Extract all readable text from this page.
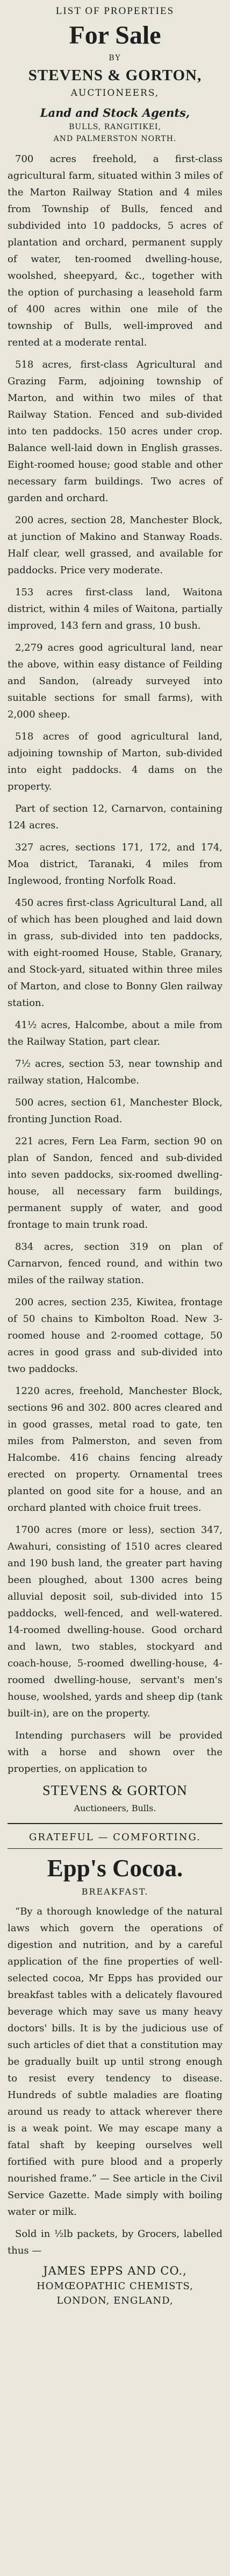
LIST OF PROPERTIES
For Sale
BY
STEVENS & GORTON,
AUCTIONEERS,
Land and Stock Agents,
BULLS, RANGITIKEI,
AND PALMERSTON NORTH.

700 acres freehold, a first-class agricultural farm, situated within 3 miles of the Marton Railway Station and 4 miles from Township of Bulls, fenced and subdivided into 10 paddocks, 5 acres of plantation and orchard, permanent supply of water, ten-roomed dwelling-house, woolshed, sheepyard, &c., together with the option of purchasing a leasehold farm of 400 acres within one mile of the township of Bulls, well-improved and rented at a moderate rental.

518 acres, first-class Agricultural and Grazing Farm, adjoining township of Marton, and within two miles of that Railway Station. Fenced and sub-divided into ten paddocks. 150 acres under crop. Balance well-laid down in English grasses. Eight-roomed house; good stable and other necessary farm buildings. Two acres of garden and orchard.

200 acres, section 28, Manchester Block, at junction of Makino and Stanway Roads. Half clear, well grassed, and available for paddocks. Price very moderate.

153 acres first-class land, Waitona district, within 4 miles of Waitona, partially improved, 143 fern and grass, 10 bush.

2,279 acres good agricultural land, near the above, within easy distance of Feilding and Sandon, (already surveyed into suitable sections for small farms), with 2,000 sheep.

518 acres of good agricultural land, adjoining township of Marton, sub-divided into eight paddocks. 4 dams on the property.

Part of section 12, Carnarvon, containing 124 acres.

327 acres, sections 171, 172, and 174, Moa district, Taranaki, 4 miles from Inglewood, fronting Norfolk Road.

450 acres first-class Agricultural Land, all of which has been ploughed and laid down in grass, sub-divided into ten paddocks, with eight-roomed House, Stable, Granary, and Stock-yard, situated within three miles of Marton, and close to Bonny Glen railway station.

41½ acres, Halcombe, about a mile from the Railway Station, part clear.

7½ acres, section 53, near township and railway station, Halcombe.

500 acres, section 61, Manchester Block, fronting Junction Road.

221 acres, Fern Lea Farm, section 90 on plan of Sandon, fenced and sub-divided into seven paddocks, six-roomed dwelling-house, all necessary farm buildings, permanent supply of water, and good frontage to main trunk road.

834 acres, section 319 on plan of Carnarvon, fenced round, and within two miles of the railway station.

200 acres, section 235, Kiwitea, frontage of 50 chains to Kimbolton Road. New 3-roomed house and 2-roomed cottage, 50 acres in good grass and sub-divided into two paddocks.

1220 acres, freehold, Manchester Block, sections 96 and 302. 800 acres cleared and in good grasses, metal road to gate, ten miles from Palmerston, and seven from Halcombe. 416 chains fencing already erected on property. Ornamental trees planted on good site for a house, and an orchard planted with choice fruit trees.

1700 acres (more or less), section 347, Awahuri, consisting of 1510 acres cleared and 190 bush land, the greater part having been ploughed, about 1300 acres being alluvial deposit soil, sub-divided into 15 paddocks, well-fenced, and well-watered. 14-roomed dwelling-house. Good orchard and lawn, two stables, stockyard and coach-house, 5-roomed dwelling-house, 4-roomed dwelling-house, servant's men's house, woolshed, yards and sheep dip (tank built-in), are on the property.

Intending purchasers will be provided with a horse and shown over the properties, on application to

STEVENS & GORTON
Auctioneers, Bulls.
GRATEFUL — COMFORTING.
Epp's Cocoa.
BREAKFAST.

“By a thorough knowledge of the natural laws which govern the operations of digestion and nutrition, and by a careful application of the fine properties of well-selected cocoa, Mr Epps has provided our breakfast tables with a delicately flavoured beverage which may save us many heavy doctors' bills. It is by the judicious use of such articles of diet that a constitution may be gradually built up until strong enough to resist every tendency to disease. Hundreds of subtle maladies are floating around us ready to attack wherever there is a weak point. We may escape many a fatal shaft by keeping ourselves well fortified with pure blood and a properly nourished frame.” — See article in the Civil Service Gazette. Made simply with boiling water or milk.

Sold in ½lb packets, by Grocers, labelled thus —

JAMES EPPS AND CO.,
HOMŒOPATHIC CHEMISTS,
LONDON, ENGLAND,
